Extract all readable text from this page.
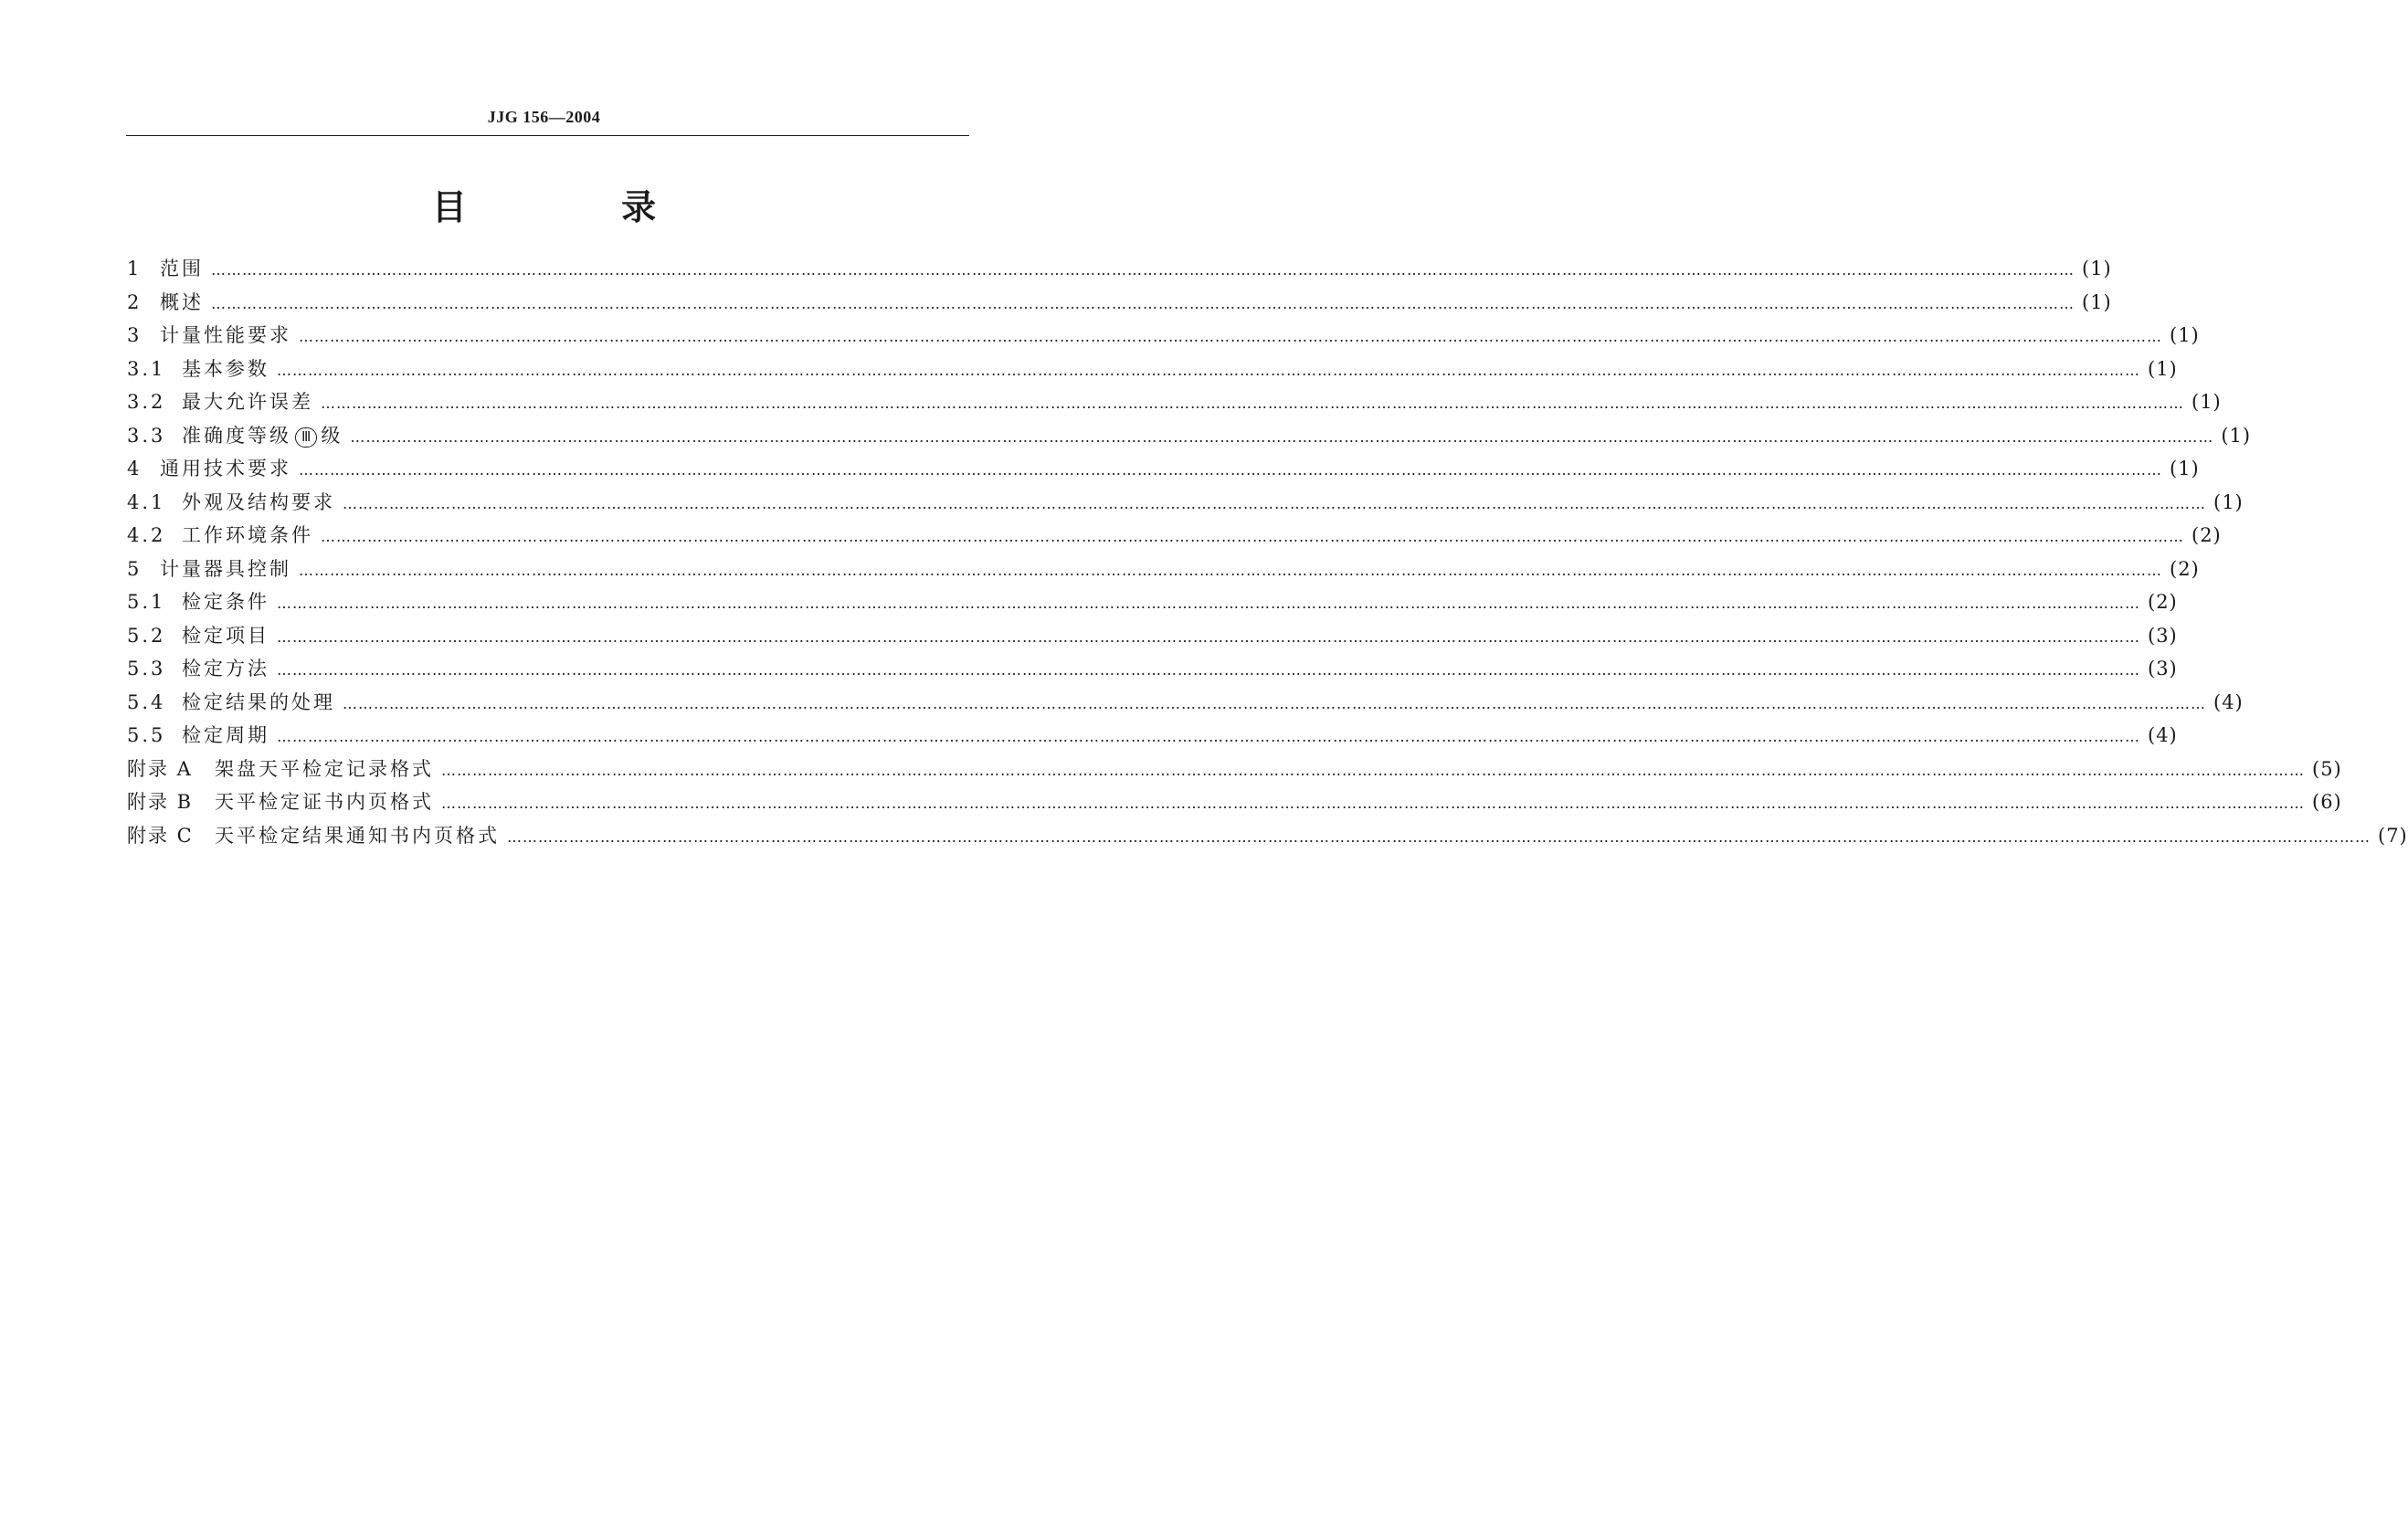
JJG 156—2004
目 录
1 范围 ……………………………………………………………………………………………………………………………………………………………………………………………………………………………………………………………………………………………………………………………… (1)
2 概述 ……………………………………………………………………………………………………………………………………………………………………………………………………………………………………………………………………………………………………………………………… (1)
3 计量性能要求 ……………………………………………………………………………………………………………………………………………………………………………………………………………………………………………………………………………………………………………………………… (1)
3.1 基本参数 ……………………………………………………………………………………………………………………………………………………………………………………………………………………………………………………………………………………………………………………………… (1)
3.2 最大允许误差 ……………………………………………………………………………………………………………………………………………………………………………………………………………………………………………………………………………………………………………………………… (1)
3.3 准确度等级 Ⅲ 级 ……………………………………………………………………………………………………………………………………………………………………………………………………………………………………………………………………………………………………………………………… (1)
4 通用技术要求 ……………………………………………………………………………………………………………………………………………………………………………………………………………………………………………………………………………………………………………………………… (1)
4.1 外观及结构要求 ……………………………………………………………………………………………………………………………………………………………………………………………………………………………………………………………………………………………………………………………… (1)
4.2 工作环境条件 ……………………………………………………………………………………………………………………………………………………………………………………………………………………………………………………………………………………………………………………………… (2)
5 计量器具控制 ……………………………………………………………………………………………………………………………………………………………………………………………………………………………………………………………………………………………………………………………… (2)
5.1 检定条件 ……………………………………………………………………………………………………………………………………………………………………………………………………………………………………………………………………………………………………………………………… (2)
5.2 检定项目 ……………………………………………………………………………………………………………………………………………………………………………………………………………………………………………………………………………………………………………………………… (3)
5.3 检定方法 ……………………………………………………………………………………………………………………………………………………………………………………………………………………………………………………………………………………………………………………………… (3)
5.4 检定结果的处理 ……………………………………………………………………………………………………………………………………………………………………………………………………………………………………………………………………………………………………………………………… (4)
5.5 检定周期 ……………………………………………………………………………………………………………………………………………………………………………………………………………………………………………………………………………………………………………………………… (4)
附录 A	架盘天平检定记录格式 ……………………………………………………………………………………………………………………………………………………………………………………………………………………………………………………………………………………………………………………………… (5)
附录 B	天平检定证书内页格式 ……………………………………………………………………………………………………………………………………………………………………………………………………………………………………………………………………………………………………………………………… (6)
附录 C	天平检定结果通知书内页格式 ……………………………………………………………………………………………………………………………………………………………………………………………………………………………………………………………………………………………………………………………… (7)
